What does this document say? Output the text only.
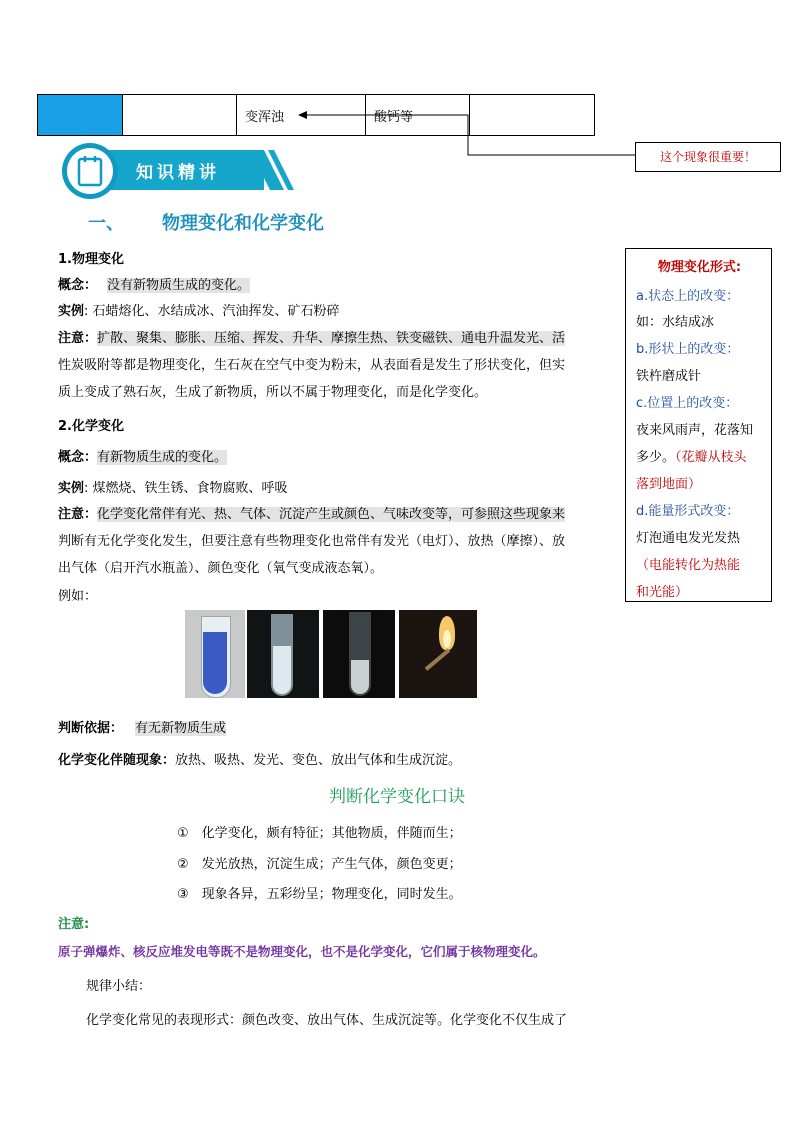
		变浑浊	酸钙等	
这个现象很重要！
知识精讲
一、 物理变化和化学变化
1.物理变化
概念： 没有新物质生成的变化。
实例: 石蜡熔化、水结成冰、汽油挥发、矿石粉碎
注意：扩散、聚集、膨胀、压缩、挥发、升华、摩擦生热、铁变磁铁、通电升温发光、活
性炭吸附等都是物理变化，生石灰在空气中变为粉末，从表面看是发生了形状变化，但实
质上变成了熟石灰，生成了新物质，所以不属于物理变化，而是化学变化。
2.化学变化
概念：有新物质生成的变化。
实例: 煤燃烧、铁生锈、食物腐败、呼吸
注意：化学变化常伴有光、热、气体、沉淀产生或颜色、气味改变等，可参照这些现象来
判断有无化学变化发生，但要注意有些物理变化也常伴有发光（电灯）、放热（摩擦）、放
出气体（启开汽水瓶盖）、颜色变化（氧气变成液态氧）。
例如：
判断依据： 有无新物质生成
化学变化伴随现象：放热、吸热、发光、变色、放出气体和生成沉淀。
判断化学变化口诀
①　化学变化，颇有特征；其他物质，伴随而生；
②　发光放热，沉淀生成；产生气体，颜色变更；
③　现象各异，五彩纷呈；物理变化，同时发生。
注意:
原子弹爆炸、核反应堆发电等既不是物理变化，也不是化学变化，它们属于核物理变化。
规律小结：
化学变化常见的表现形式：颜色改变、放出气体、生成沉淀等。化学变化不仅生成了
物理变化形式:
a.状态上的改变：
如：水结成冰
b.形状上的改变：
铁杵磨成针
c.位置上的改变：
夜来风雨声，花落知
多少。（花瓣从枝头
落到地面）
d.能量形式改变：
灯泡通电发光发热
（电能转化为热能
和光能）
